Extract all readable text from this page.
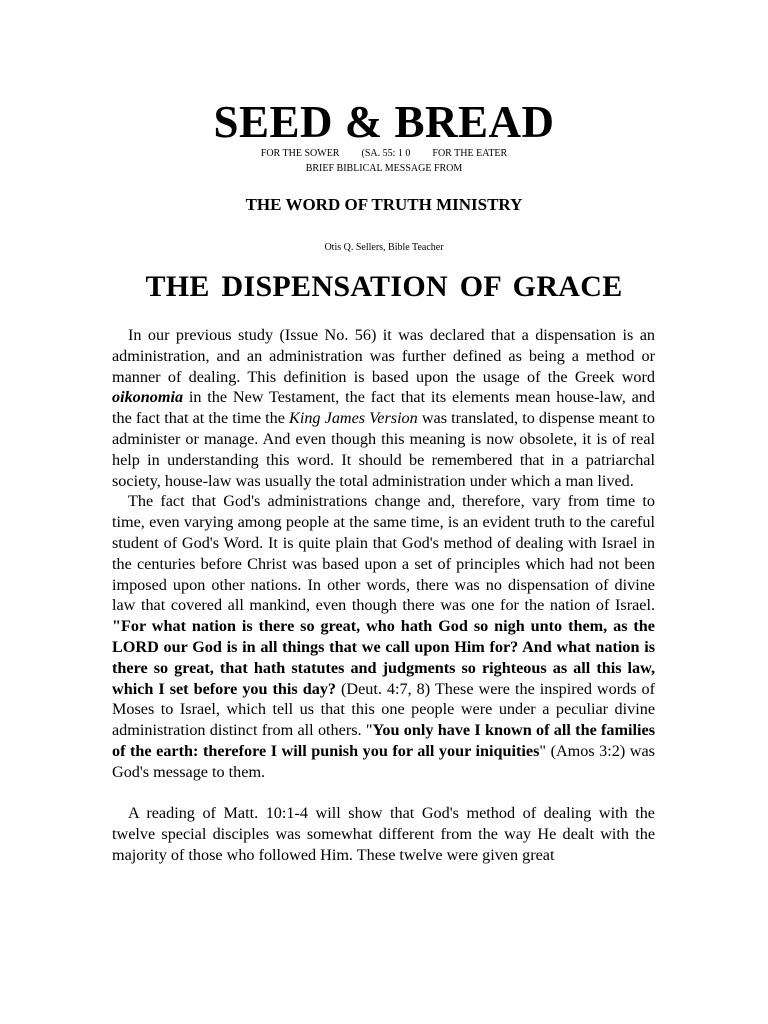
SEED & BREAD
FOR THE SOWER (SA. 55: 1 0 FOR THE EATER
BRIEF BIBLICAL MESSAGE FROM
THE WORD OF TRUTH MINISTRY
Otis Q. Sellers, Bible Teacher
THE DISPENSATION OF GRACE

In our previous study (Issue No. 56) it was declared that a dispensation is an administration, and an administration was further defined as being a method or manner of dealing. This definition is based upon the usage of the Greek word oikonomia in the New Testament, the fact that its elements mean house-law, and the fact that at the time the King James Version was translated, to dispense meant to administer or manage. And even though this meaning is now obsolete, it is of real help in understanding this word. It should be remembered that in a patriarchal society, house-law was usually the total administration under which a man lived.

The fact that God's administrations change and, therefore, vary from time to time, even varying among people at the same time, is an evident truth to the careful student of God's Word. It is quite plain that God's method of dealing with Israel in the centuries before Christ was based upon a set of principles which had not been imposed upon other nations. In other words, there was no dispensation of divine law that covered all mankind, even though there was one for the nation of Israel. "For what nation is there so great, who hath God so nigh unto them, as the LORD our God is in all things that we call upon Him for? And what nation is there so great, that hath statutes and judgments so righteous as all this law, which I set before you this day? (Deut. 4:7, 8) These were the inspired words of Moses to Israel, which tell us that this one people were under a peculiar divine administration distinct from all others. "You only have I known of all the families of the earth: therefore I will punish you for all your iniquities" (Amos 3:2) was God's message to them.

A reading of Matt. 10:1-4 will show that God's method of dealing with the twelve special disciples was somewhat different from the way He dealt with the majority of those who followed Him. These twelve were given great
